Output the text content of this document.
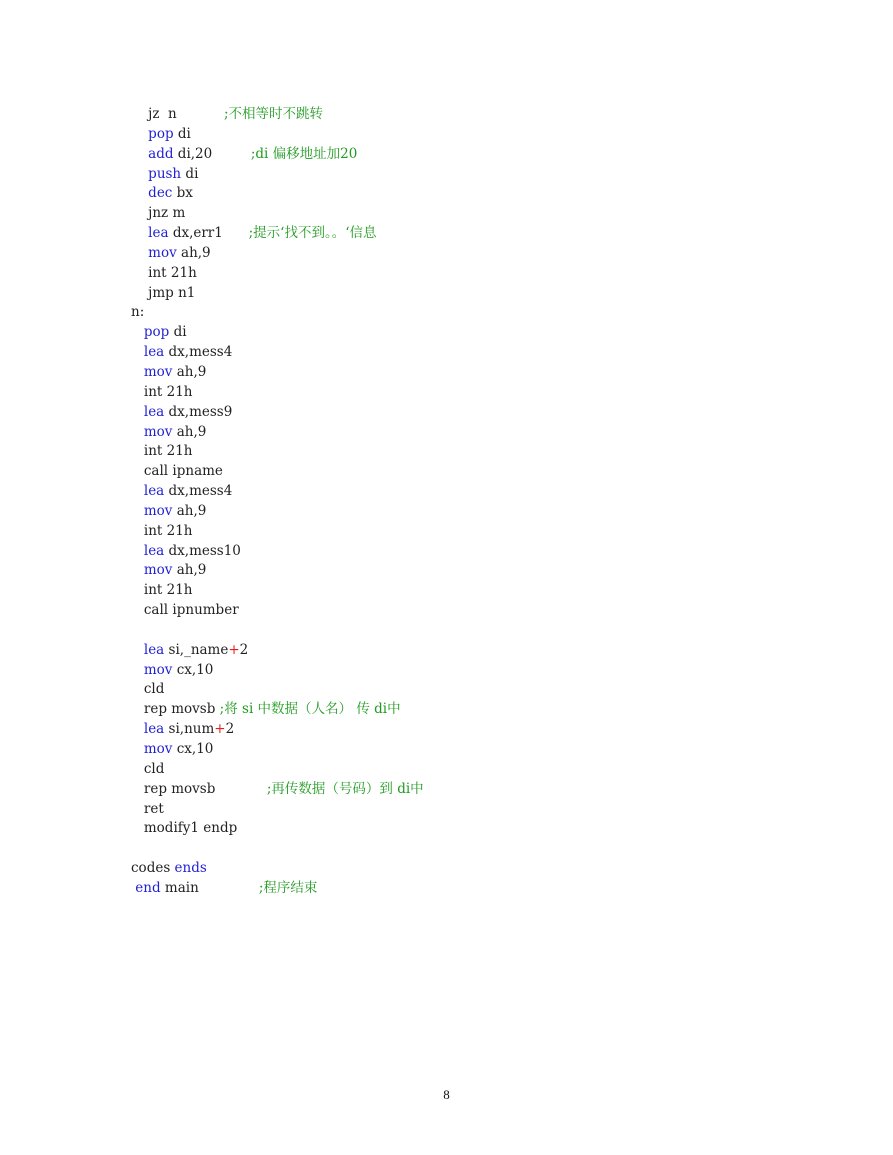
jz  n           ;不相等时不跳转
pop di
add di,20         ;di 偏移地址加20
push di
dec bx
jnz m
lea dx,err1      ;提示‘找不到。。‘信息
mov ah,9
int 21h
jmp n1
n:
pop di
lea dx,mess4
mov ah,9
int 21h
lea dx,mess9
mov ah,9
int 21h
call ipname
lea dx,mess4
mov ah,9
int 21h
lea dx,mess10
mov ah,9
int 21h
call ipnumber
lea si,_name+2
mov cx,10
cld
rep movsb ;将 si 中数据（人名） 传 di中
lea si,num+2
mov cx,10
cld
rep movsb            ;再传数据（号码）到 di中
ret
modify1 endp
codes ends
end main              ;程序结束
8
